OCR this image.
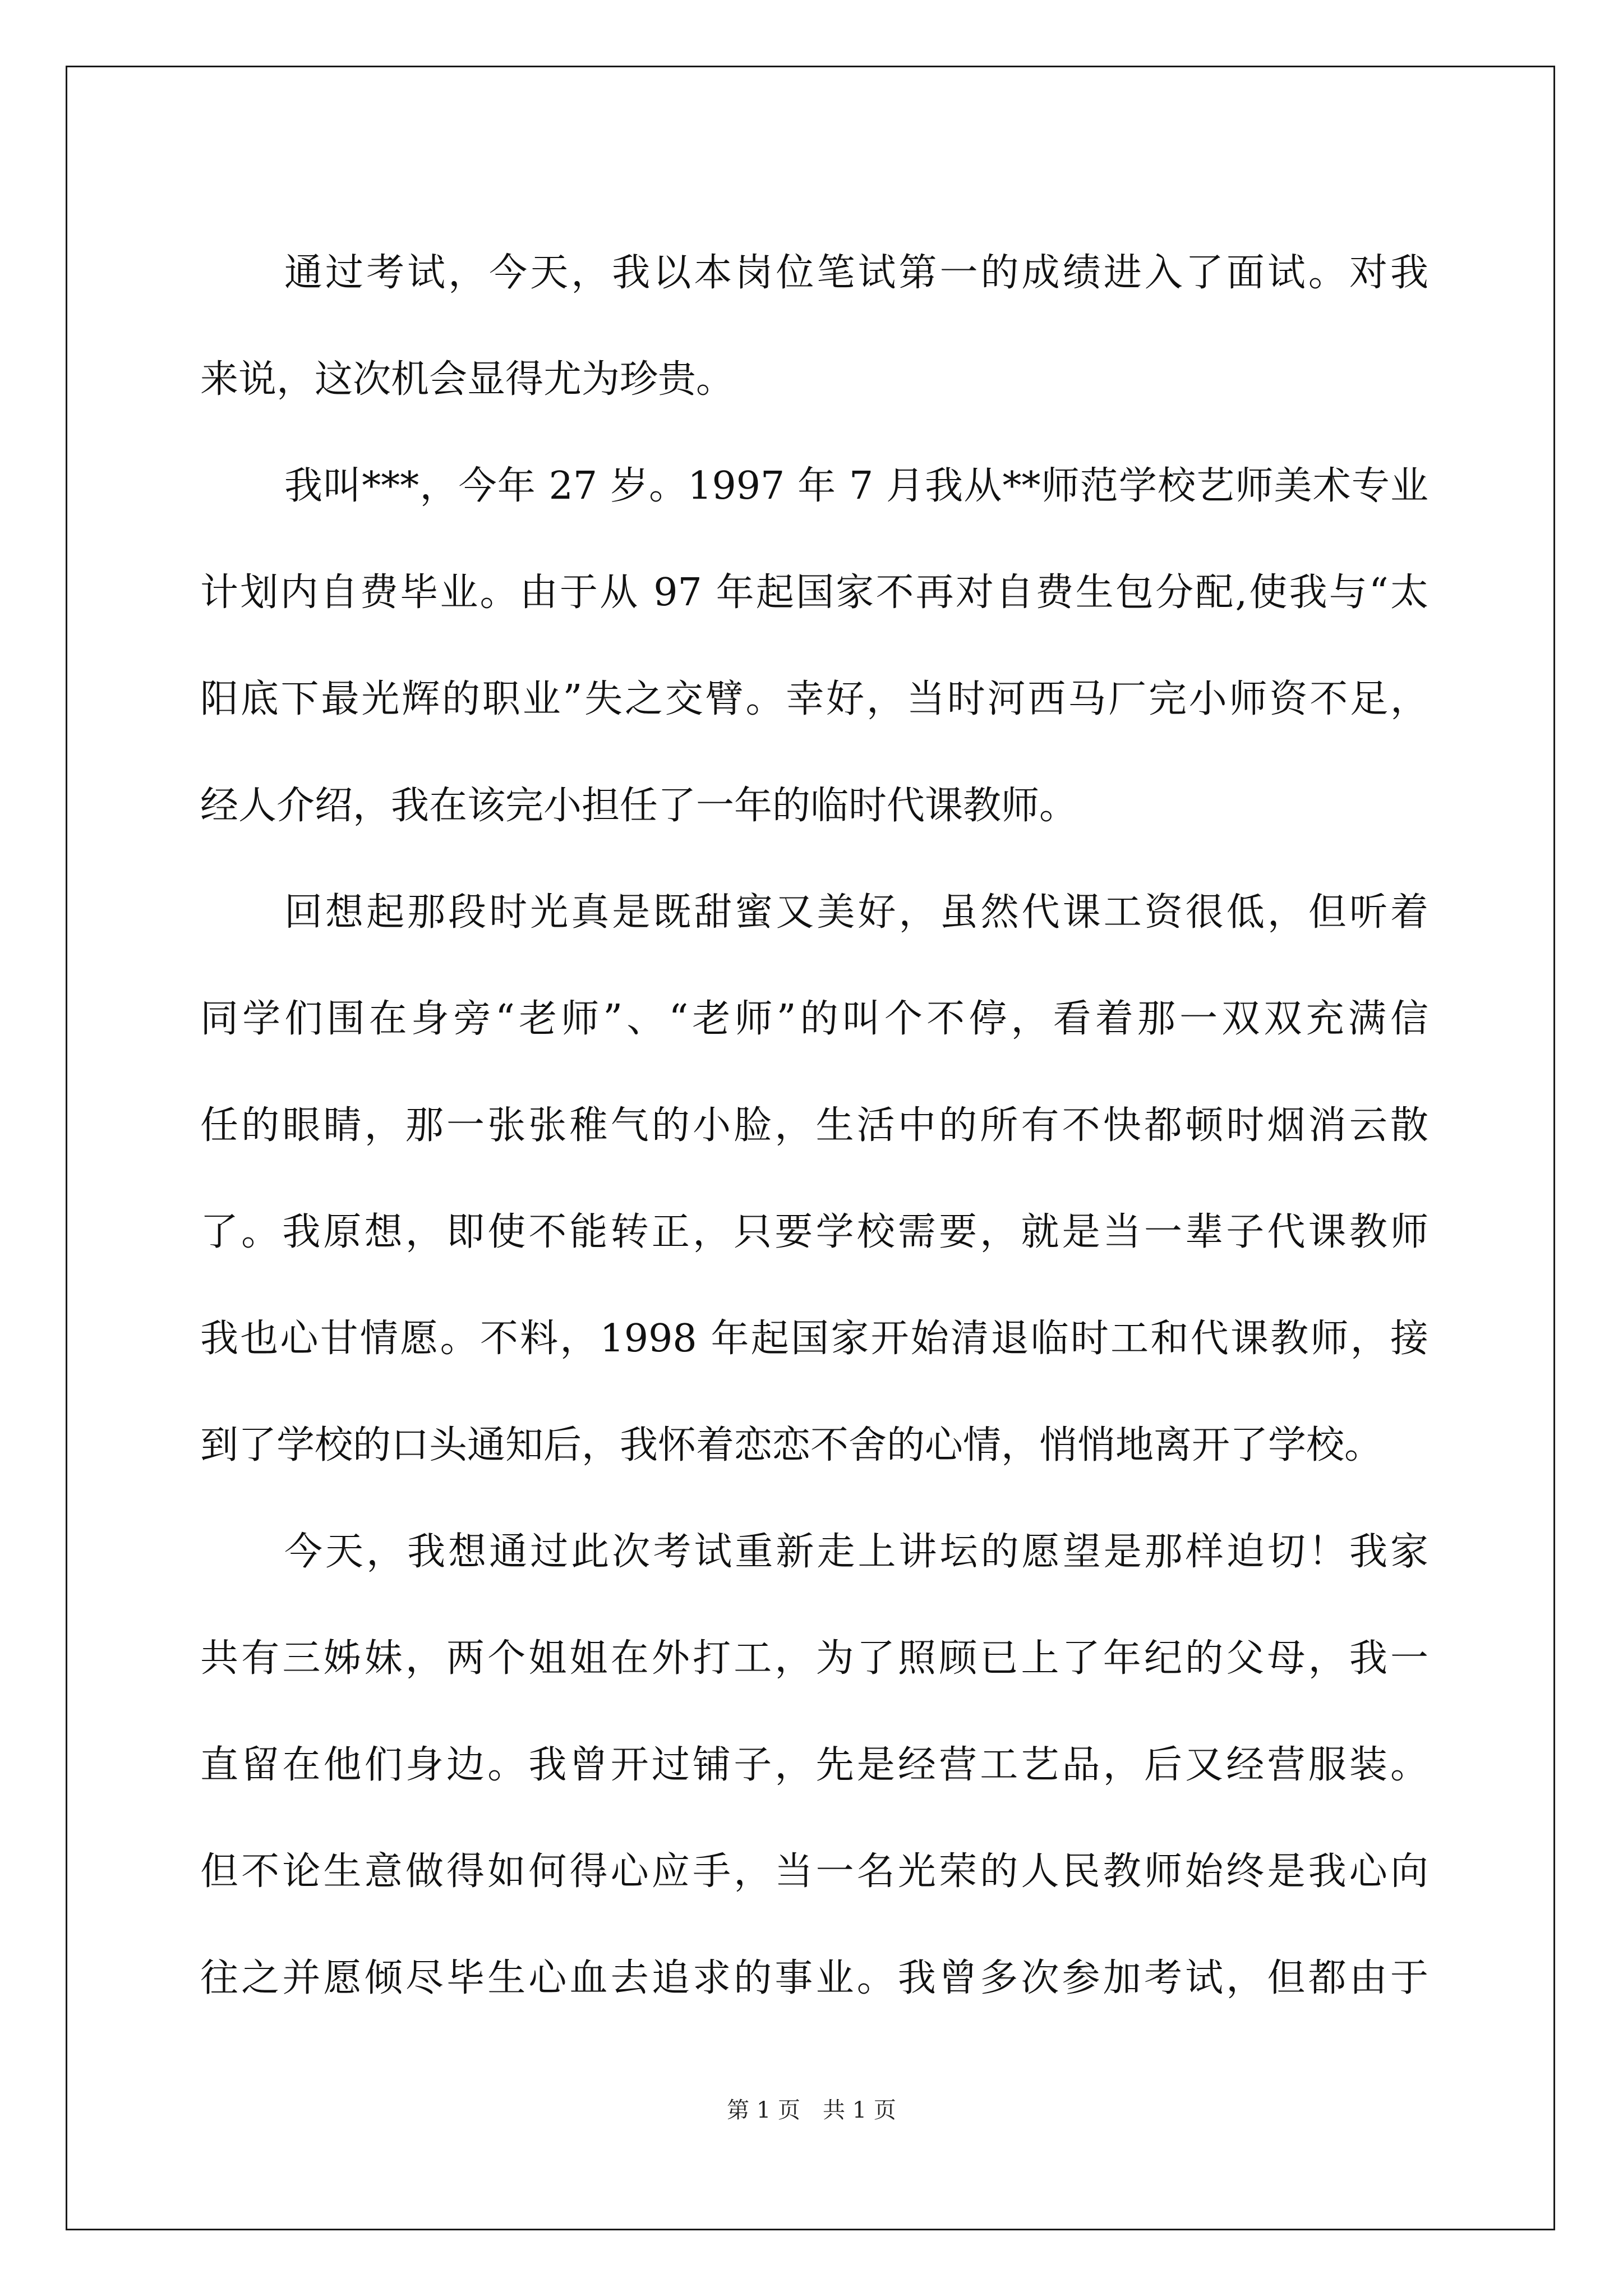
通过考试，今天，我以本岗位笔试第一的成绩进入了面试。对我
来说，这次机会显得尤为珍贵。
我叫***，今年 27 岁。1997 年 7 月我从**师范学校艺师美术专业
计划内自费毕业。由于从 97 年起国家不再对自费生包分配,使我与“太
阳底下最光辉的职业”失之交臂。幸好，当时河西马厂完小师资不足，
经人介绍，我在该完小担任了一年的临时代课教师。
回想起那段时光真是既甜蜜又美好，虽然代课工资很低，但听着
同学们围在身旁“老师”、“老师”的叫个不停，看着那一双双充满信
任的眼睛，那一张张稚气的小脸，生活中的所有不快都顿时烟消云散
了。我原想，即使不能转正，只要学校需要，就是当一辈子代课教师
我也心甘情愿。不料，1998 年起国家开始清退临时工和代课教师，接
到了学校的口头通知后，我怀着恋恋不舍的心情，悄悄地离开了学校。
今天，我想通过此次考试重新走上讲坛的愿望是那样迫切！我家
共有三姊妹，两个姐姐在外打工，为了照顾已上了年纪的父母，我一
直留在他们身边。我曾开过铺子，先是经营工艺品，后又经营服装。
但不论生意做得如何得心应手，当一名光荣的人民教师始终是我心向
往之并愿倾尽毕生心血去追求的事业。我曾多次参加考试，但都由于
第 1 页 共 1 页
